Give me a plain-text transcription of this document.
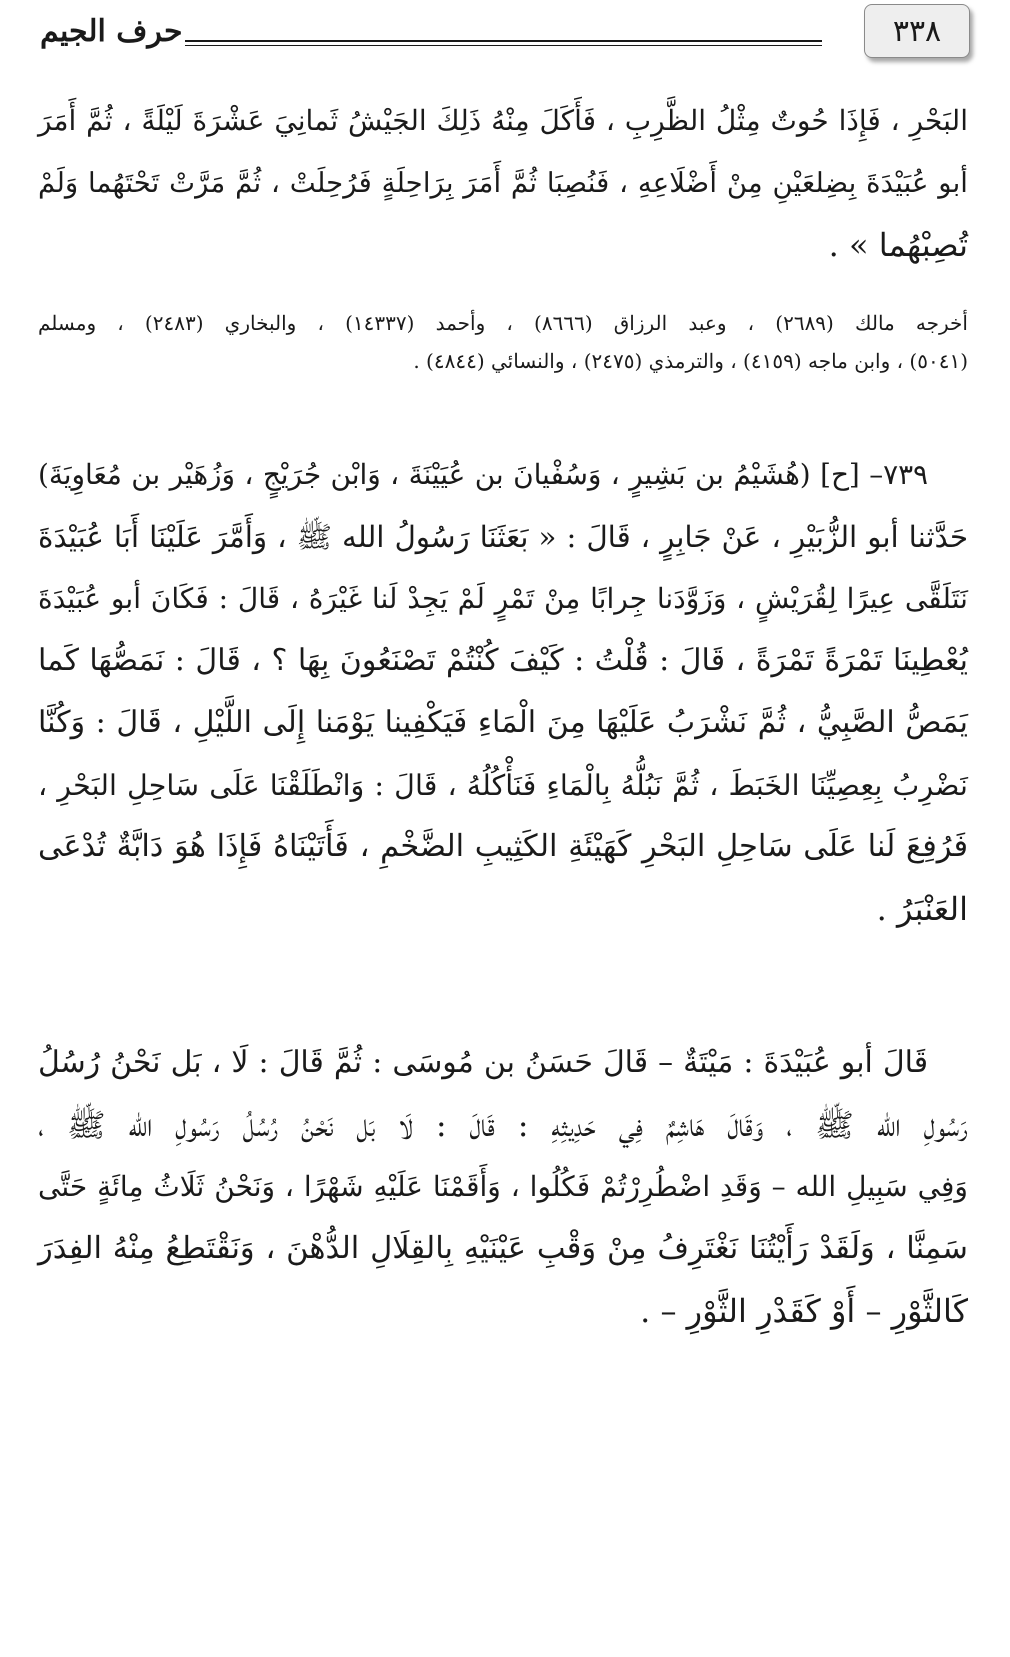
٣٣٨
حرف الجيم
البَحْرِ ، فَإِذَا حُوتٌ مِثْلُ الظَّرِبِ ، فَأَكَلَ مِنْهُ ذَلِكَ الجَيْشُ ثَمانِيَ عَشْرَةَ لَيْلَةً ، ثُمَّ أَمَرَ
أبو عُبَيْدَةَ بِضِلعَيْنِ مِنْ أَضْلَاعِهِ ، فَنُصِبَا ثُمَّ أَمَرَ بِرَاحِلَةٍ فَرُحِلَتْ ، ثُمَّ مَرَّتْ تَحْتَهُما وَلَمْ
تُصِبْهُما » .
أخرجه مالك (٢٦٨٩) ، وعبد الرزاق (٨٦٦٦) ، وأحمد (١٤٣٣٧) ، والبخاري (٢٤٨٣) ، ومسلم
(٥٠٤١) ، وابن ماجه (٤١٥٩) ، والترمذي (٢٤٧٥) ، والنسائي (٤٨٤٤) .
٧٣٩– [ح] (هُشَيْمُ بن بَشِيرٍ ، وَسُفْيانَ بن عُيَيْنَةَ ، وَابْن جُرَيْجٍ ، وَزُهَيْر بن مُعَاوِيَةَ)
حَدَّثنا أبو الزُّبَيْرِ ، عَنْ جَابِرٍ ، قَالَ : « بَعَثَنَا رَسُولُ الله ﷺ ، وَأَمَّرَ عَلَيْنَا أَبَا عُبَيْدَةَ
نَتَلَقَّى عِيرًا لِقُرَيْشٍ ، وَزَوَّدَنا جِرابًا مِنْ تَمْرٍ لَمْ يَجِدْ لَنا غَيْرَهُ ، قَالَ : فَكَانَ أبو عُبَيْدَةَ
يُعْطِينَا تَمْرَةً تَمْرَةً ، قَالَ : قُلْتُ : كَيْفَ كُنْتُمْ تَصْنَعُونَ بِهَا ؟ ، قَالَ : نَمَصُّهَا كَما
يَمَصُّ الصَّبِيُّ ، ثُمَّ نَشْرَبُ عَلَيْهَا مِنَ الْمَاءِ فَيَكْفِينا يَوْمَنا إِلَى اللَّيْلِ ، قَالَ : وَكُنَّا
نَضْرِبُ بِعِصِيِّنَا الخَبَطَ ، ثُمَّ نَبُلُّهُ بِالْمَاءِ فَنَأْكُلُهُ ، قَالَ : وَانْطَلَقْنَا عَلَى سَاحِلِ البَحْرِ ،
فَرُفِعَ لَنا عَلَى سَاحِلِ البَحْرِ كَهَيْئَةِ الكَثِيبِ الضَّخْمِ ، فَأَتَيْنَاهُ فَإِذَا هُوَ دَابَّةٌ تُدْعَى
العَنْبَرُ .
قَالَ أبو عُبَيْدَةَ : مَيْتَةٌ – قَالَ حَسَنُ بن مُوسَى : ثُمَّ قَالَ : لَا ، بَل نَحْنُ رُسُلُ
رَسُولِ الله ﷺ ، وَقَالَ هَاشِمٌ فِي حَدِيثِهِ : قَالَ : لَا بَل نَحْنُ رُسُلُ رَسُولِ الله ﷺ ،
وَفِي سَبِيلِ الله – وَقَدِ اضْطُرِرْتُمْ فَكُلُوا ، وَأَقَمْنَا عَلَيْهِ شَهْرًا ، وَنَحْنُ ثَلَاثُ مِائَةٍ حَتَّى
سَمِنَّا ، وَلَقَدْ رَأَيْتُنَا نَغْتَرِفُ مِنْ وَقْبِ عَيْنَيْهِ بِالقِلَالِ الدُّهْنَ ، وَنَقْتَطِعُ مِنْهُ الفِدَرَ
كَالثَّوْرِ – أَوْ كَقَدْرِ الثَّوْرِ – .
